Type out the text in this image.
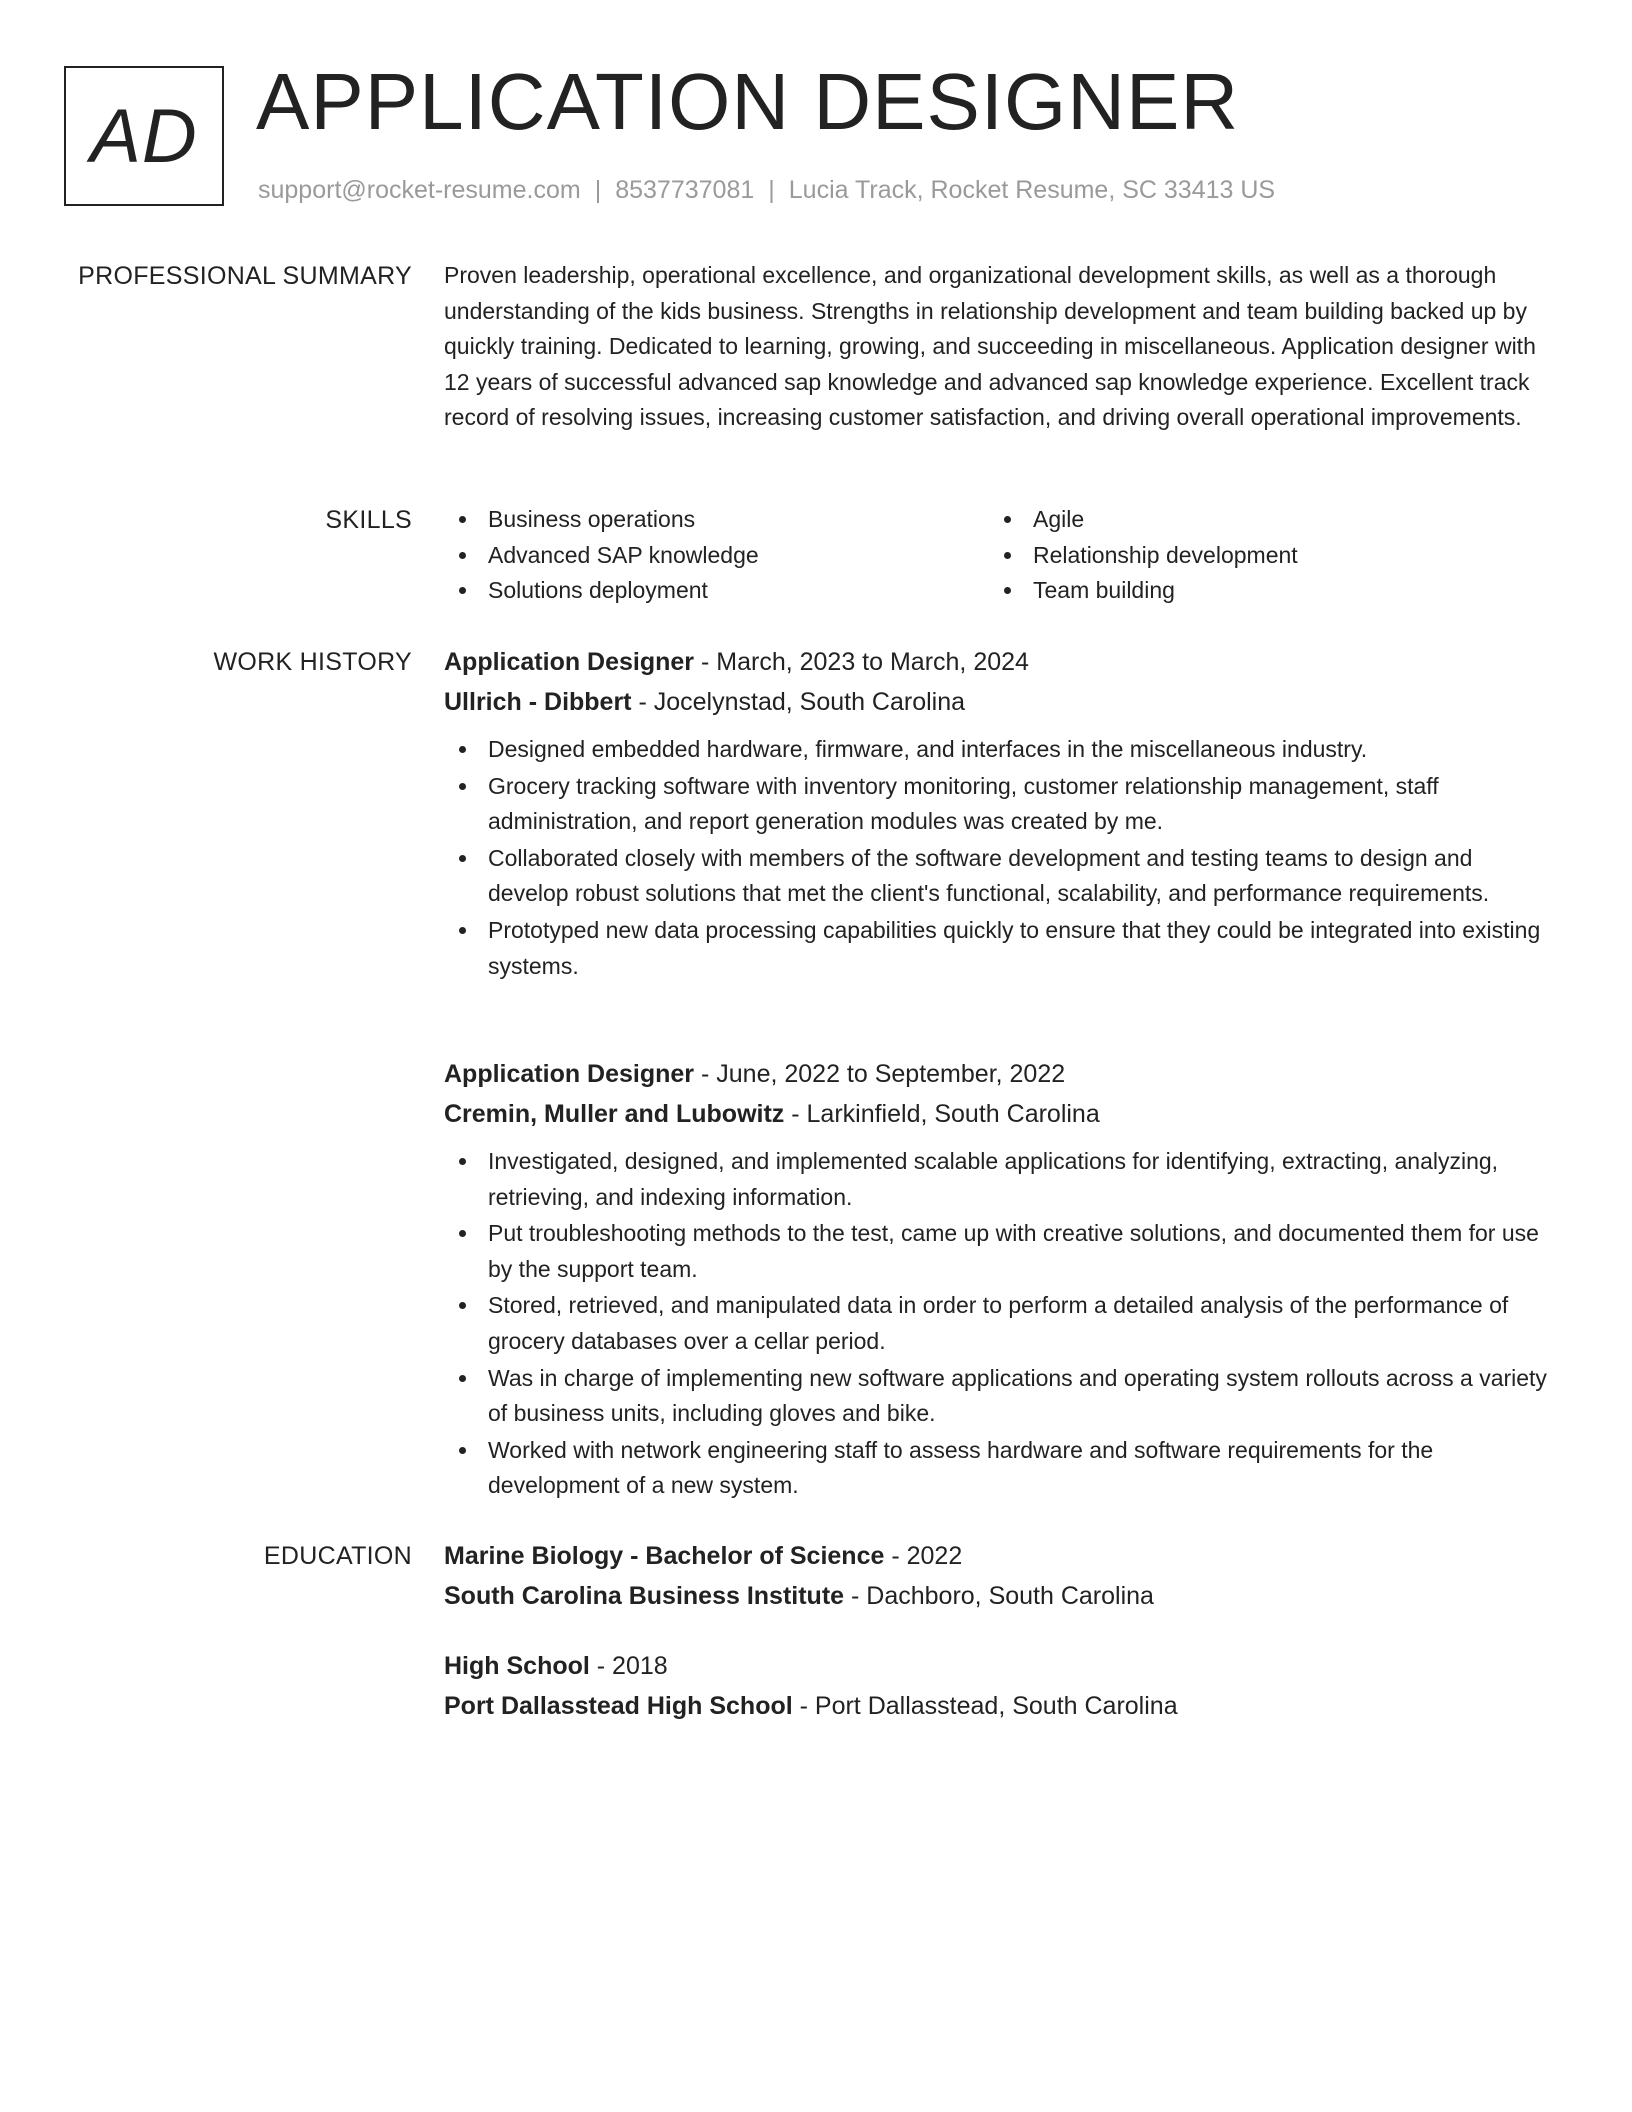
AD APPLICATION DESIGNER
support@rocket-resume.com | 8537737081 | Lucia Track, Rocket Resume, SC 33413 US
PROFESSIONAL SUMMARY Proven leadership, operational excellence, and organizational development skills, as well as a thorough understanding of the kids business. Strengths in relationship development and team building backed up by quickly training. Dedicated to learning, growing, and succeeding in miscellaneous. Application designer with 12 years of successful advanced sap knowledge and advanced sap knowledge experience. Excellent track record of resolving issues, increasing customer satisfaction, and driving overall operational improvements.

SKILLS	Business operations
Advanced SAP knowledge
Solutions deployment
Agile
Relationship development
Team building
WORK HISTORY Application Designer - March, 2023 to March, 2024
Ullrich - Dibbert - Jocelynstad, South Carolina
Designed embedded hardware, firmware, and interfaces in the miscellaneous industry.
Grocery tracking software with inventory monitoring, customer relationship management, staff administration, and report generation modules was created by me.
Collaborated closely with members of the software development and testing teams to design and develop robust solutions that met the client's functional, scalability, and performance requirements.
Prototyped new data processing capabilities quickly to ensure that they could be integrated into existing systems.
Application Designer - June, 2022 to September, 2022
Cremin, Muller and Lubowitz - Larkinfield, South Carolina
Investigated, designed, and implemented scalable applications for identifying, extracting, analyzing, retrieving, and indexing information.
Put troubleshooting methods to the test, came up with creative solutions, and documented them for use by the support team.
Stored, retrieved, and manipulated data in order to perform a detailed analysis of the performance of grocery databases over a cellar period.
Was in charge of implementing new software applications and operating system rollouts across a variety of business units, including gloves and bike.
Worked with network engineering staff to assess hardware and software requirements for the development of a new system.
EDUCATION Marine Biology - Bachelor of Science - 2022
South Carolina Business Institute - Dachboro, South Carolina
High School - 2018
Port Dallasstead High School - Port Dallasstead, South Carolina
